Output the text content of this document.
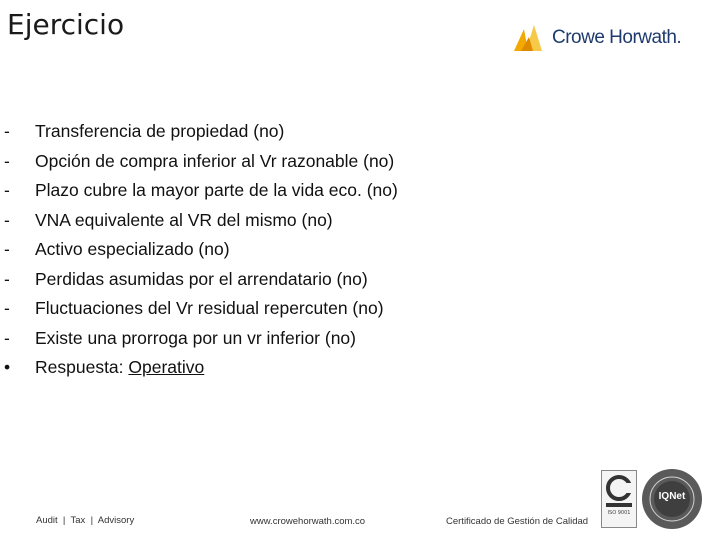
Ejercicio	Crowe Horwath.
-	Transferencia de propiedad (no)
-	Opción de compra inferior al Vr razonable (no)
-	Plazo cubre la mayor parte de la vida eco. (no)
-	VNA equivalente al VR del mismo (no)
-	Activo especializado (no)
-	Perdidas asumidas por el arrendatario (no)
-	Fluctuaciones del Vr residual repercuten (no)
-	Existe una prorroga por un vr inferior (no)
•	Respuesta: Operativo
Audit  |  Tax  |  Advisory	www.crowehorwath.com.co	Certificado de Gestión de Calidad
ISO 9001
IQNet
